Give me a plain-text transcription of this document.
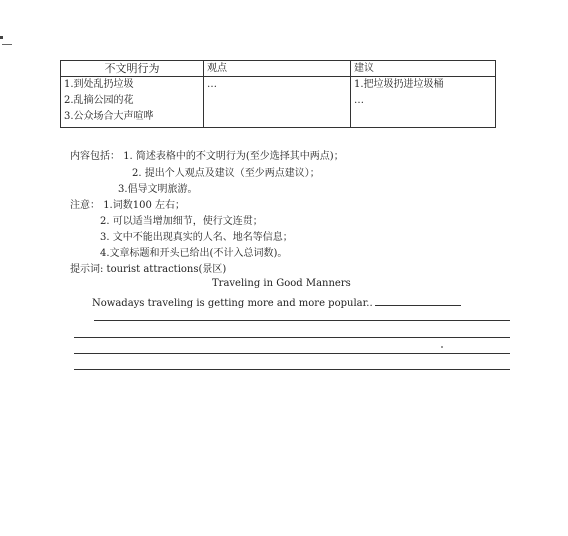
不文明行为	观点	建议

1.到处乱扔垃圾
2.乱摘公园的花
3.公众场合大声喧哗	…	1.把垃圾扔进垃圾桶
…
内容包括： 1. 简述表格中的不文明行为(至少选择其中两点)；
2. 提出个人观点及建议（至少两点建议）；
3.倡导文明旅游。
注意： 1.词数100 左右；
2. 可以适当增加细节，使行文连贯；
3. 文中不能出现真实的人名、地名等信息；
4.文章标题和开头已给出(不计入总词数)。
提示词: tourist attractions(景区)
Traveling in Good Manners
Nowadays traveling is getting more and more popular..
